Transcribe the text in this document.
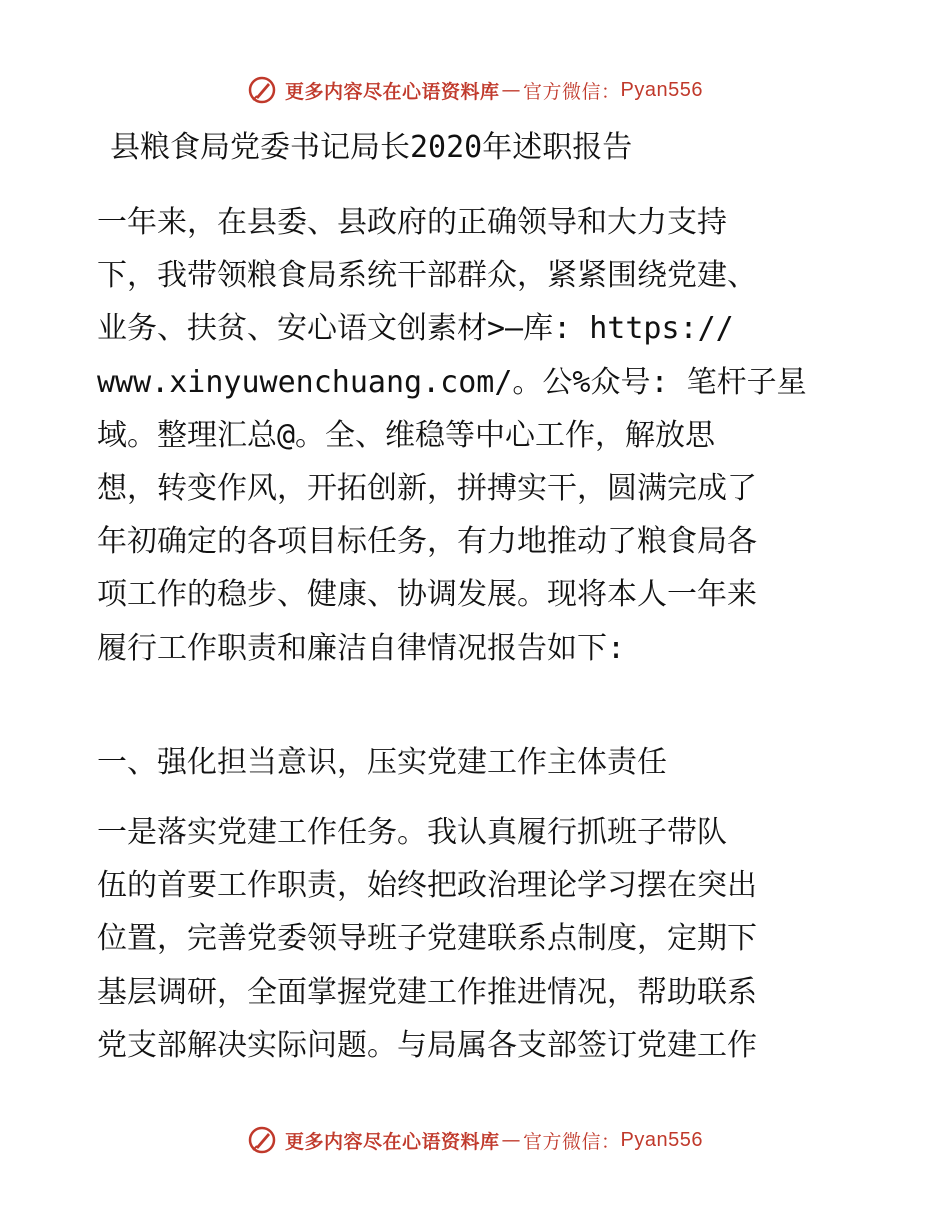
更多内容尽在心语资料库 — 官方微信： Pyan556
县粮食局党委书记局长2020年述职报告
一年来，在县委、县政府的正确领导和大力支持
下，我带领粮食局系统干部群众，紧紧围绕党建、
业务、扶贫、安心语文创素材>—库: https://
www.xinyuwenchuang.com/。公%众号: 笔杆子星
域。整理汇总@。全、维稳等中心工作，解放思
想，转变作风，开拓创新，拼搏实干，圆满完成了
年初确定的各项目标任务，有力地推动了粮食局各
项工作的稳步、健康、协调发展。现将本人一年来
履行工作职责和廉洁自律情况报告如下:
一、强化担当意识，压实党建工作主体责任
一是落实党建工作任务。我认真履行抓班子带队
伍的首要工作职责，始终把政治理论学习摆在突出
位置，完善党委领导班子党建联系点制度，定期下
基层调研，全面掌握党建工作推进情况，帮助联系
党支部解决实际问题。与局属各支部签订党建工作
更多内容尽在心语资料库 — 官方微信： Pyan556
